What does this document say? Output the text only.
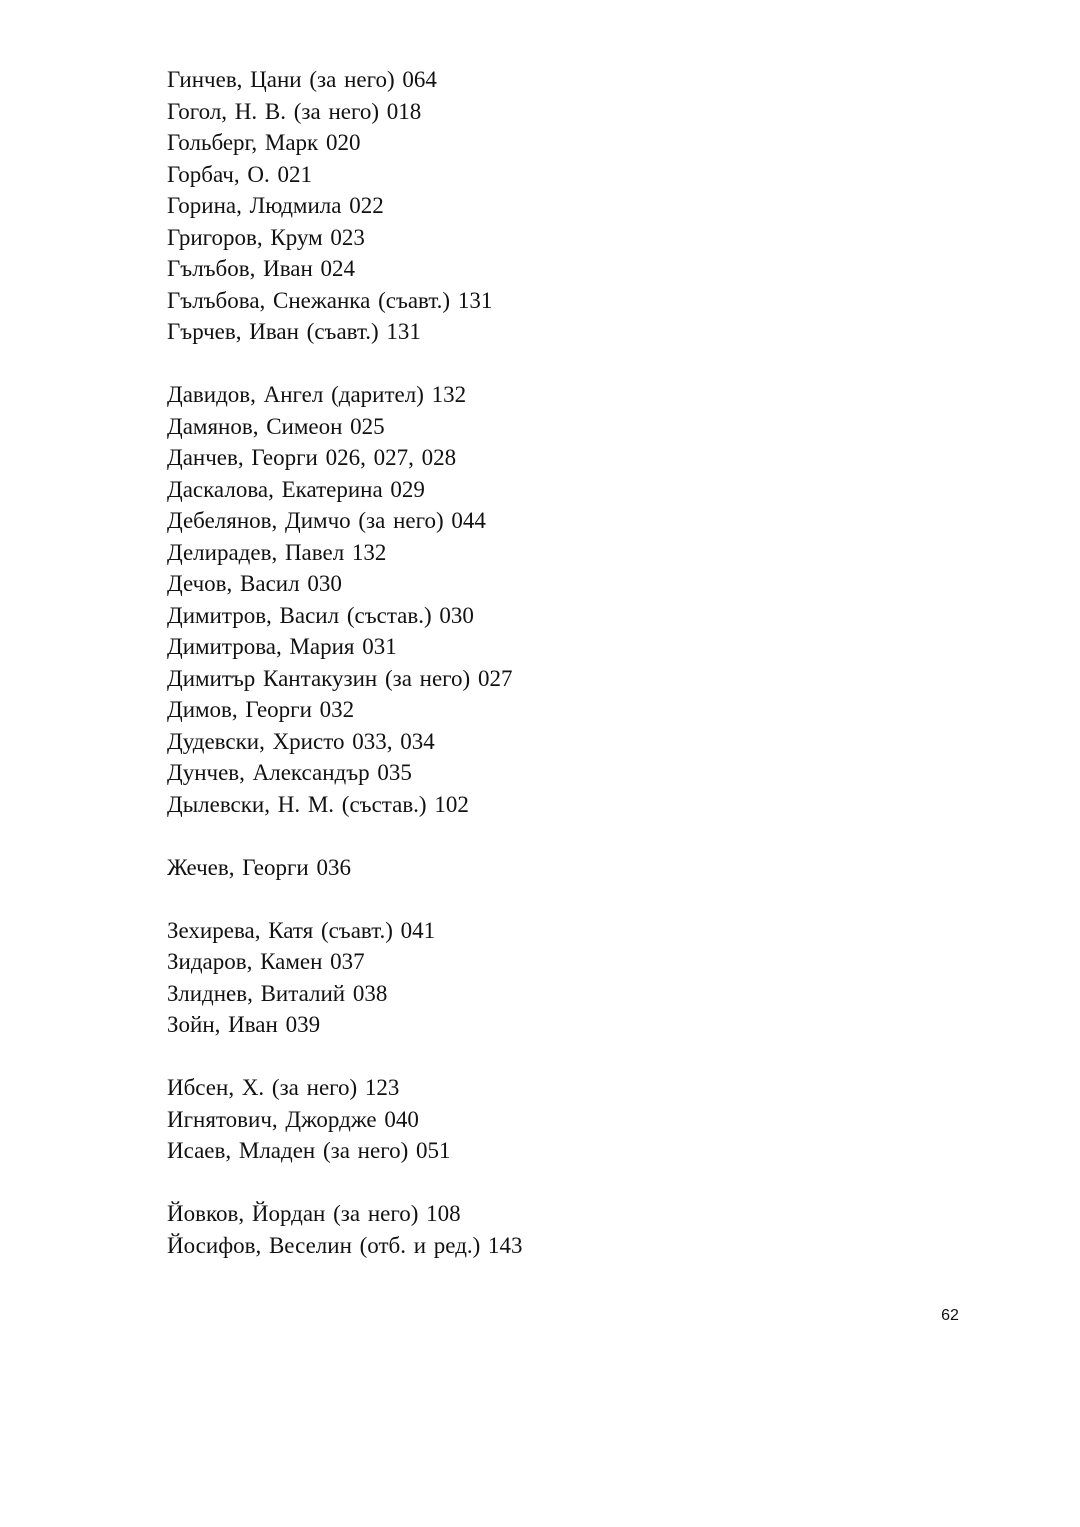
Гинчев, Цани (за него) 064
Гогол, Н. В. (за него) 018
Гольберг, Марк 020
Горбач, О. 021
Горина, Людмила 022
Григоров, Крум 023
Гълъбов, Иван 024
Гълъбова, Снежанка (съавт.) 131
Гърчев, Иван (съавт.) 131
Давидов, Ангел (дарител) 132
Дамянов, Симеон 025
Данчев, Георги 026, 027, 028
Даскалова, Екатерина 029
Дебелянов, Димчо (за него) 044
Делирадев, Павел 132
Дечов, Васил 030
Димитров, Васил (състав.) 030
Димитрова, Мария 031
Димитър Кантакузин (за него) 027
Димов, Георги 032
Дудевски, Христо 033, 034
Дунчев, Александър 035
Дылевски, Н. М. (състав.) 102
Жечев, Георги 036
Зехирева, Катя (съавт.) 041
Зидаров, Камен 037
Злиднев, Виталий 038
Зойн, Иван 039
Ибсен, Х. (за него) 123
Игнятович, Джордже 040
Исаев, Младен (за него) 051
Йовков, Йордан (за него) 108
Йосифов, Веселин (отб. и ред.) 143
62
